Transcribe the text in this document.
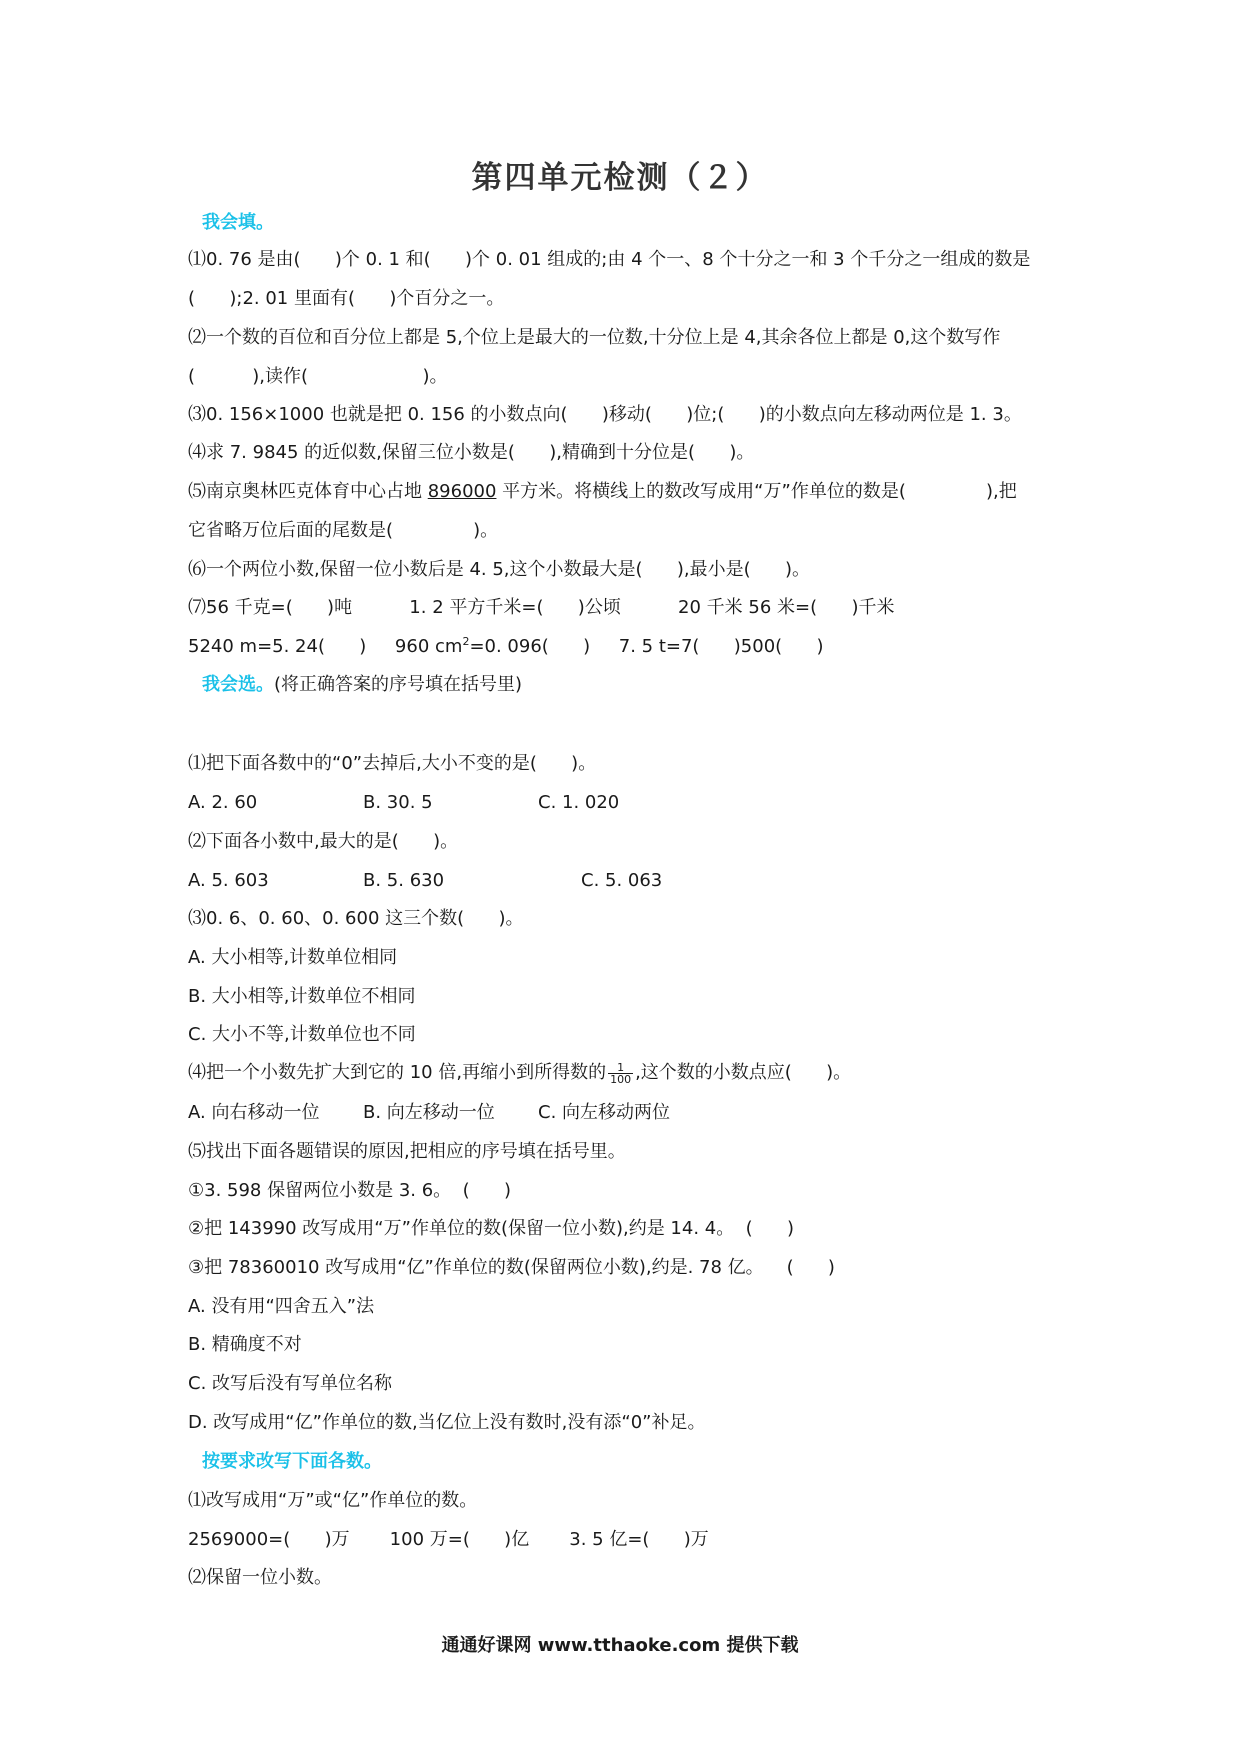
第四单元检测（２）
我会填。
⑴0. 76 是由(      )个 0. 1 和(      )个 0. 01 组成的;由 4 个一、8 个十分之一和 3 个千分之一组成的数是
(      );2. 01 里面有(      )个百分之一。
⑵一个数的百位和百分位上都是 5,个位上是最大的一位数,十分位上是 4,其余各位上都是 0,这个数写作
(          ),读作(                    )。
⑶0. 156×1000 也就是把 0. 156 的小数点向(      )移动(      )位;(      )的小数点向左移动两位是 1. 3。
⑷求 7. 9845 的近似数,保留三位小数是(      ),精确到十分位是(      )。
⑸南京奥林匹克体育中心占地 896000 平方米。将横线上的数改写成用“万”作单位的数是(              ),把
它省略万位后面的尾数是(              )。
⑹一个两位小数,保留一位小数后是 4. 5,这个小数最大是(      ),最小是(      )。
⑺56 千克=(      )吨          1. 2 平方千米=(      )公顷          20 千米 56 米=(      )千米
5240 m=5. 24(      )     960 $cm^2=0$. 096(      )     7. 5 t=7(      )500(      )
我会选。(将正确答案的序号填在括号里)
⑴把下面各数中的“0”去掉后,大小不变的是(      )。
A. 2. 60	B. 30. 5	C. 1. 020
⑵下面各小数中,最大的是(      )。
A. 5. 603	B. 5. 630	C. 5. 063
⑶0. 6、0. 60、0. 600 这三个数(      )。
A. 大小相等,计数单位相同
B. 大小相等,计数单位不相同
C. 大小不等,计数单位也不同
⑷把一个小数先扩大到它的 10 倍,再缩小到所得数的 $\frac{1}{100}$ ,这个数的小数点应(      )。
A. 向右移动一位 B. 向左移动一位 C. 向左移动两位
⑸找出下面各题错误的原因,把相应的序号填在括号里。
①3. 598 保留两位小数是 3. 6。  (      )
②把 143990 改写成用“万”作单位的数(保留一位小数),约是 14. 4。  (      )
③把 78360010 改写成用“亿”作单位的数(保留两位小数),约是. 78 亿。    (      )
A. 没有用“四舍五入”法
B. 精确度不对
C. 改写后没有写单位名称
D. 改写成用“亿”作单位的数,当亿位上没有数时,没有添“0”补足。
按要求改写下面各数。
⑴改写成用“万”或“亿”作单位的数。
2569000=(      )万       100 万=(      )亿       3. 5 亿=(      )万
⑵保留一位小数。
通通好课网 www.tthaoke.com 提供下载
